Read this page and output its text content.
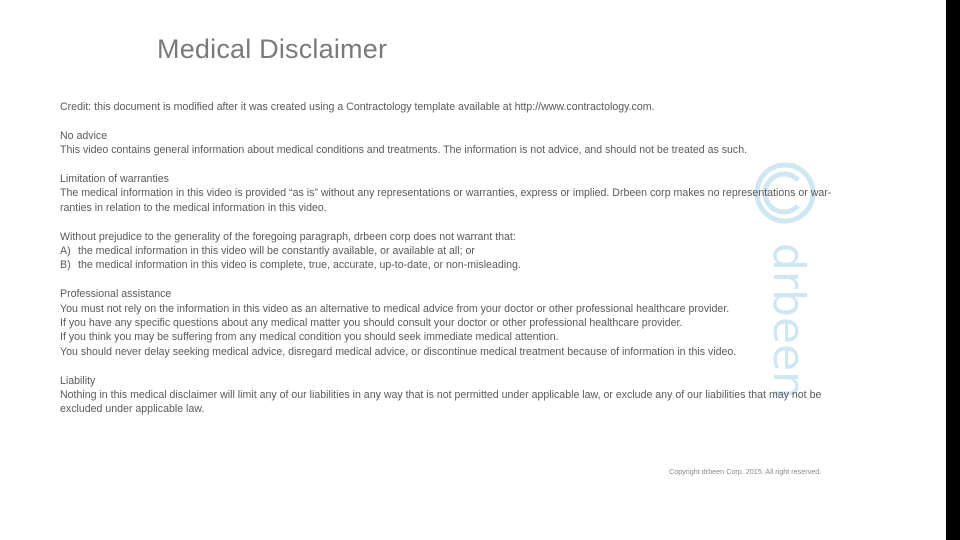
drbeen
Medical Disclaimer

Credit: this document is modified after it was created using a Contractology template available at http://www.contractology.com.

No advice

This video contains general information about medical conditions and treatments. The information is not advice, and should not be treated as such.

Limitation of warranties

The medical information in this video is provided “as is” without any representations or warranties, express or implied. Drbeen corp makes no representations or war-

ranties in relation to the medical information in this video.

Without prejudice to the generality of the foregoing paragraph, drbeen corp does not warrant that:

A) the medical information in this video will be constantly available, or available at all; or
B) the medical information in this video is complete, true, accurate, up-to-date, or non-misleading.

Professional assistance

You must not rely on the information in this video as an alternative to medical advice from your doctor or other professional healthcare provider.

If you have any specific questions about any medical matter you should consult your doctor or other professional healthcare provider.

If you think you may be suffering from any medical condition you should seek immediate medical attention.

You should never delay seeking medical advice, disregard medical advice, or discontinue medical treatment because of information in this video.

Liability

Nothing in this medical disclaimer will limit any of our liabilities in any way that is not permitted under applicable law, or exclude any of our liabilities that may not be

excluded under applicable law.

Copyright drbeen Corp. 2015. All right reserved.
